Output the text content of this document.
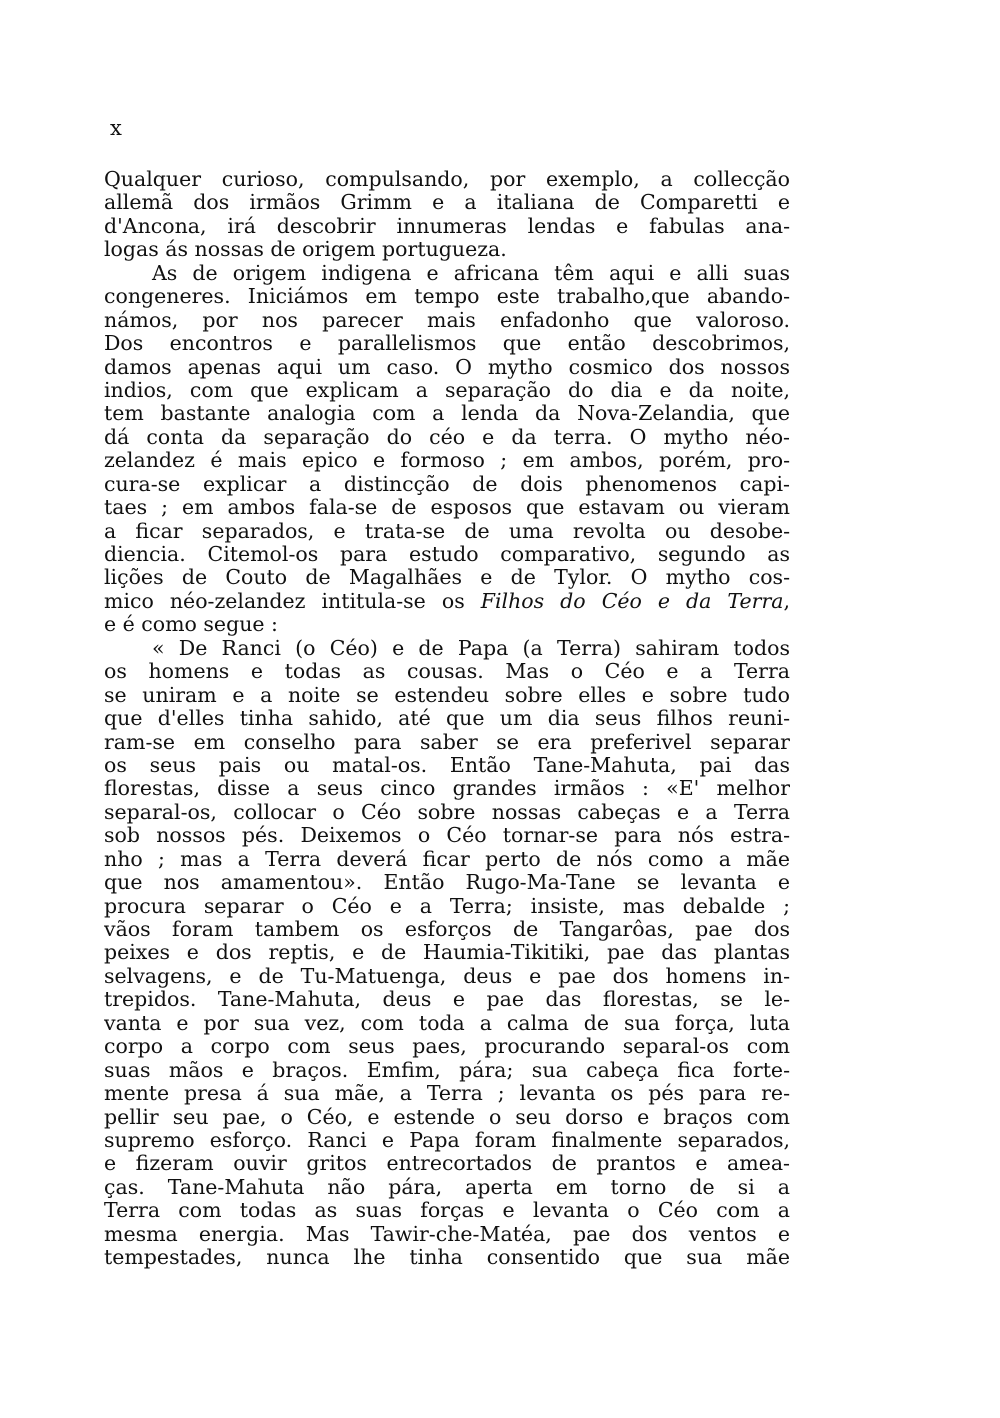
x
Qualquer curioso, compulsando, por exemplo, a collecção
allemã dos irmãos Grimm e a italiana de Comparetti e
d'Ancona, irá descobrir innumeras lendas e fabulas ana-
logas ás nossas de origem portugueza.
As de origem indigena e africana têm aqui e alli suas
congeneres. Iniciámos em tempo este trabalho,que abando-
námos, por nos parecer mais enfadonho que valoroso.
Dos encontros e parallelismos que então descobrimos,
damos apenas aqui um caso. O mytho cosmico dos nossos
indios, com que explicam a separação do dia e da noite,
tem bastante analogia com a lenda da Nova-Zelandia, que
dá conta da separação do céo e da terra. O mytho néo-
zelandez é mais epico e formoso ; em ambos, porém, pro-
cura-se explicar a distincção de dois phenomenos capi-
taes ; em ambos fala-se de esposos que estavam ou vieram
a ficar separados, e trata-se de uma revolta ou desobe-
diencia. Citemol-os para estudo comparativo, segundo as
lições de Couto de Magalhães e de Tylor. O mytho cos-
mico néo-zelandez intitula-se os Filhos do Céo e da Terra,
e é como segue :
« De Ranci (o Céo) e de Papa (a Terra) sahiram todos
os homens e todas as cousas. Mas o Céo e a Terra
se uniram e a noite se estendeu sobre elles e sobre tudo
que d'elles tinha sahido, até que um dia seus filhos reuni-
ram-se em conselho para saber se era preferivel separar
os seus pais ou matal-os. Então Tane-Mahuta, pai das
florestas, disse a seus cinco grandes irmãos : «E' melhor
separal-os, collocar o Céo sobre nossas cabeças e a Terra
sob nossos pés. Deixemos o Céo tornar-se para nós estra-
nho ; mas a Terra deverá ficar perto de nós como a mãe
que nos amamentou». Então Rugo-Ma-Tane se levanta e
procura separar o Céo e a Terra; insiste, mas debalde ;
vãos foram tambem os esforços de Tangarôas, pae dos
peixes e dos reptis, e de Haumia-Tikitiki, pae das plantas
selvagens, e de Tu-Matuenga, deus e pae dos homens in-
trepidos. Tane-Mahuta, deus e pae das florestas, se le-
vanta e por sua vez, com toda a calma de sua força, luta
corpo a corpo com seus paes, procurando separal-os com
suas mãos e braços. Emfim, pára; sua cabeça fica forte-
mente presa á sua mãe, a Terra ; levanta os pés para re-
pellir seu pae, o Céo, e estende o seu dorso e braços com
supremo esforço. Ranci e Papa foram finalmente separados,
e fizeram ouvir gritos entrecortados de prantos e amea-
ças. Tane-Mahuta não pára, aperta em torno de si a
Terra com todas as suas forças e levanta o Céo com a
mesma energia. Mas Tawir-che-Matéa, pae dos ventos e
tempestades, nunca lhe tinha consentido que sua mãe
